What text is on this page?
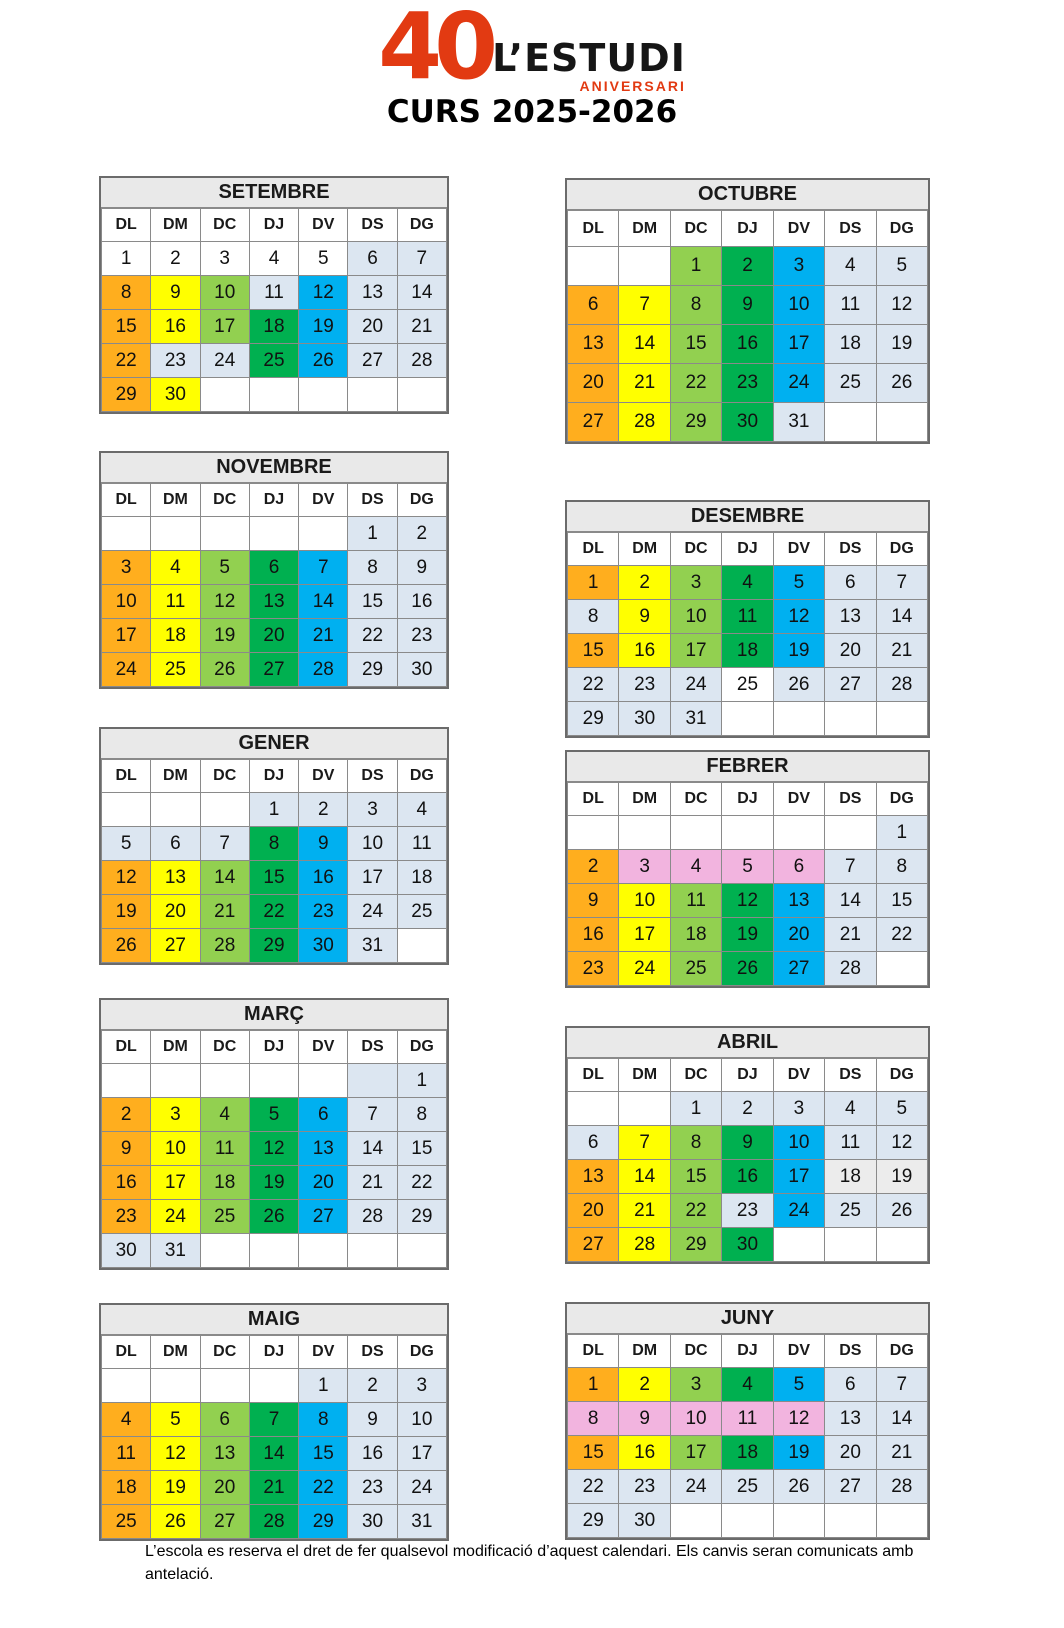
40 L’ESTUDI
ANIVERSARI
CURS 2025-2026
SETEMBRE
DL	DM	DC	DJ	DV	DS	DG
1	2	3	4	5	6	7
8	9	10	11	12	13	14
15	16	17	18	19	20	21
22	23	24	25	26	27	28
29	30					
NOVEMBRE
DL	DM	DC	DJ	DV	DS	DG
					1	2
3	4	5	6	7	8	9
10	11	12	13	14	15	16
17	18	19	20	21	22	23
24	25	26	27	28	29	30
GENER
DL	DM	DC	DJ	DV	DS	DG
			1	2	3	4
5	6	7	8	9	10	11
12	13	14	15	16	17	18
19	20	21	22	23	24	25
26	27	28	29	30	31	
MARÇ
DL	DM	DC	DJ	DV	DS	DG
						1
2	3	4	5	6	7	8
9	10	11	12	13	14	15
16	17	18	19	20	21	22
23	24	25	26	27	28	29
30	31					
MAIG
DL	DM	DC	DJ	DV	DS	DG
				1	2	3
4	5	6	7	8	9	10
11	12	13	14	15	16	17
18	19	20	21	22	23	24
25	26	27	28	29	30	31
OCTUBRE
DL	DM	DC	DJ	DV	DS	DG
		1	2	3	4	5
6	7	8	9	10	11	12
13	14	15	16	17	18	19
20	21	22	23	24	25	26
27	28	29	30	31		
DESEMBRE
DL	DM	DC	DJ	DV	DS	DG
1	2	3	4	5	6	7
8	9	10	11	12	13	14
15	16	17	18	19	20	21
22	23	24	25	26	27	28
29	30	31				
FEBRER
DL	DM	DC	DJ	DV	DS	DG
						1
2	3	4	5	6	7	8
9	10	11	12	13	14	15
16	17	18	19	20	21	22
23	24	25	26	27	28	
ABRIL
DL	DM	DC	DJ	DV	DS	DG
		1	2	3	4	5
6	7	8	9	10	11	12
13	14	15	16	17	18	19
20	21	22	23	24	25	26
27	28	29	30			
JUNY
DL	DM	DC	DJ	DV	DS	DG
1	2	3	4	5	6	7
8	9	10	11	12	13	14
15	16	17	18	19	20	21
22	23	24	25	26	27	28
29	30					
L’escola es reserva el dret de fer qualsevol modificació d’aquest calendari. Els canvis seran comunicats amb antelació.
